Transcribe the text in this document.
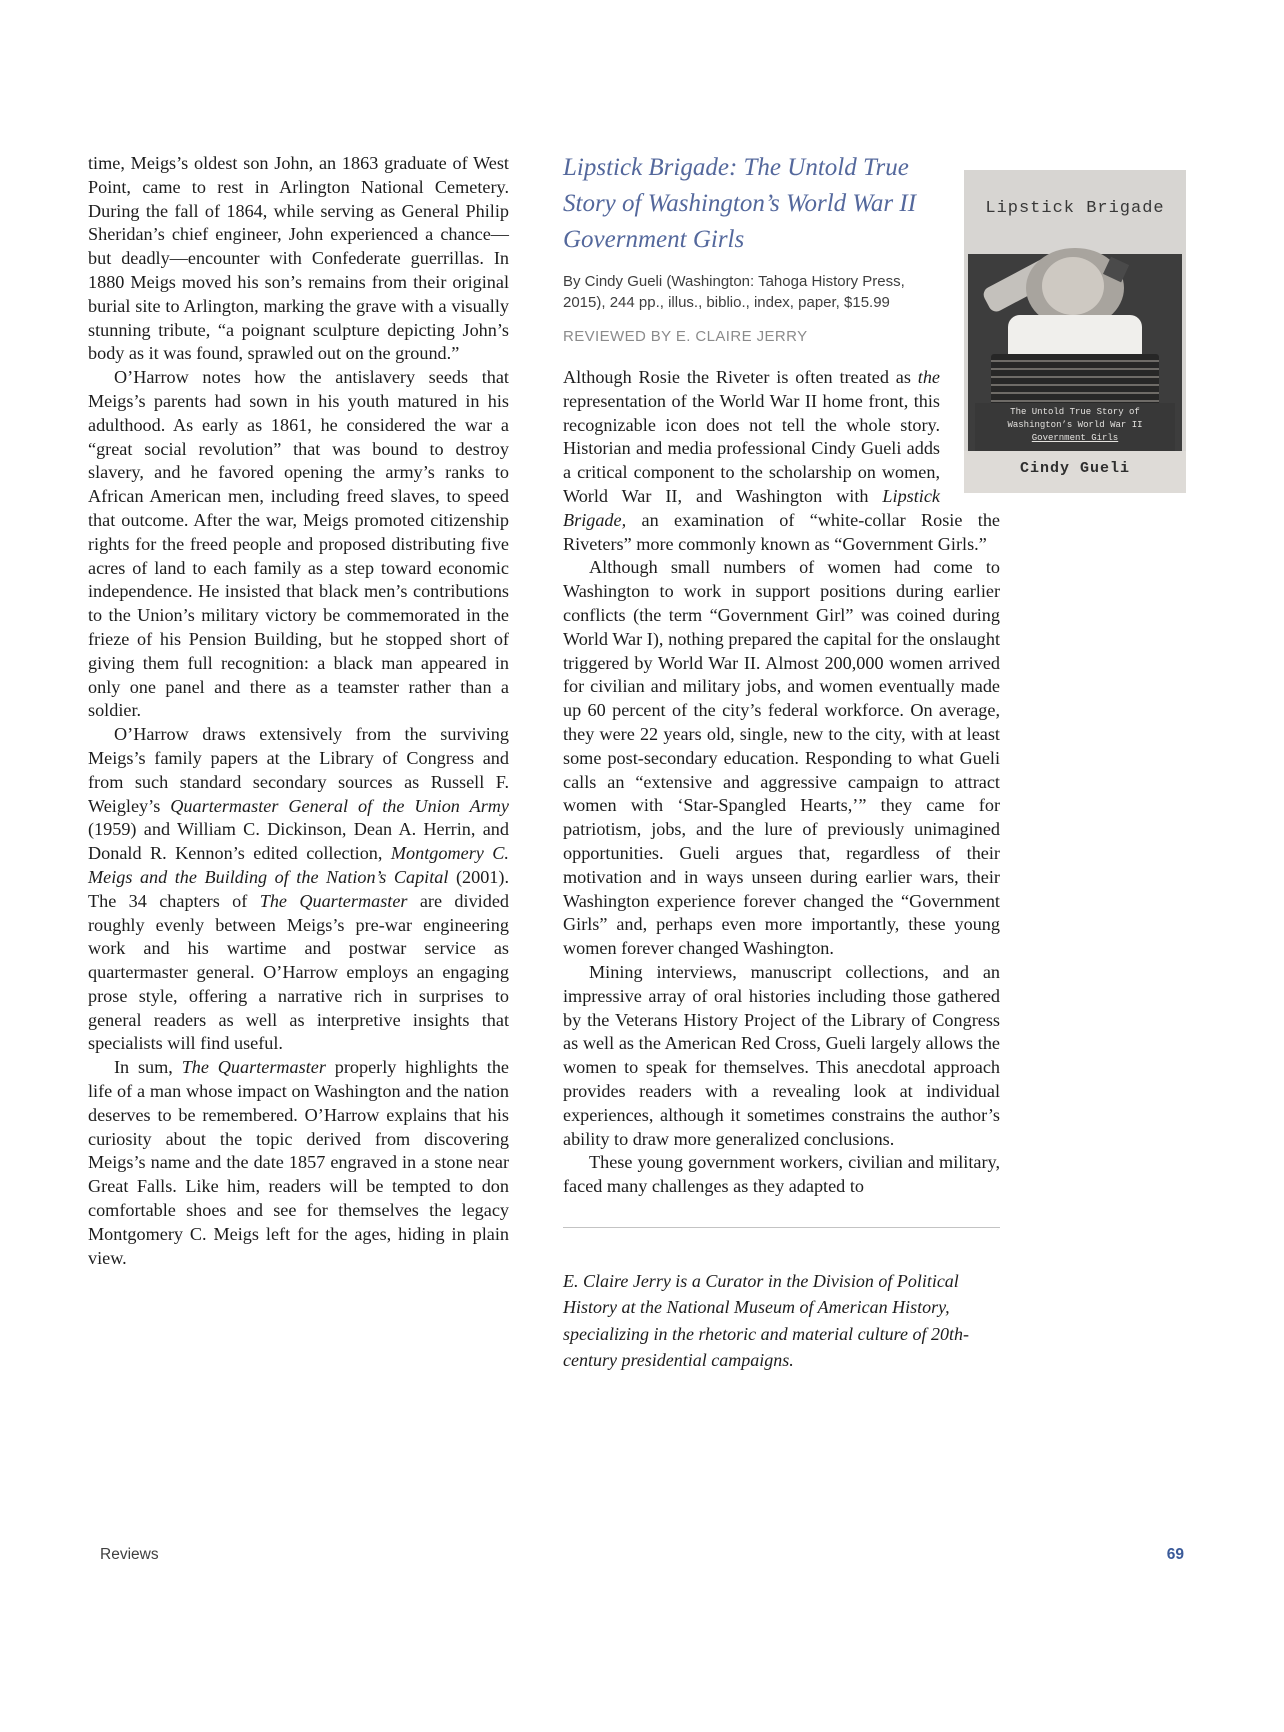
time, Meigs’s oldest son John, an 1863 graduate of West Point, came to rest in Arlington National Cemetery. During the fall of 1864, while serving as General Philip Sheridan’s chief engineer, John experienced a chance—but deadly—encounter with Confederate guerrillas. In 1880 Meigs moved his son’s remains from their original burial site to Arlington, marking the grave with a visually stunning tribute, “a poignant sculpture depicting John’s body as it was found, sprawled out on the ground.”

O’Harrow notes how the antislavery seeds that Meigs’s parents had sown in his youth matured in his adulthood. As early as 1861, he considered the war a “great social revolution” that was bound to destroy slavery, and he favored opening the army’s ranks to African American men, including freed slaves, to speed that outcome. After the war, Meigs promoted citizenship rights for the freed people and proposed distributing five acres of land to each family as a step toward economic independence. He insisted that black men’s contributions to the Union’s military victory be commemorated in the frieze of his Pension Building, but he stopped short of giving them full recognition: a black man appeared in only one panel and there as a teamster rather than a soldier.

O’Harrow draws extensively from the surviving Meigs’s family papers at the Library of Congress and from such standard secondary sources as Russell F. Weigley’s Quartermaster General of the Union Army (1959) and William C. Dickinson, Dean A. Herrin, and Donald R. Kennon’s edited collection, Montgomery C. Meigs and the Building of the Nation’s Capital (2001). The 34 chapters of The Quartermaster are divided roughly evenly between Meigs’s pre-war engineering work and his wartime and postwar service as quartermaster general. O’Harrow employs an engaging prose style, offering a narrative rich in surprises to general readers as well as interpretive insights that specialists will find useful.

In sum, The Quartermaster properly highlights the life of a man whose impact on Washington and the nation deserves to be remembered. O’Harrow explains that his curiosity about the topic derived from discovering Meigs’s name and the date 1857 engraved in a stone near Great Falls. Like him, readers will be tempted to don comfortable shoes and see for themselves the legacy Montgomery C. Meigs left for the ages, hiding in plain view.

Lipstick Brigade: The Untold True Story of Washington’s World War II Government Girls

By Cindy Gueli (Washington: Tahoga History Press, 2015), 244 pp., illus., biblio., index, paper, $15.99

REVIEWED BY E. CLAIRE JERRY

Although Rosie the Riveter is often treated as the representation of the World War II home front, this recognizable icon does not tell the whole story. Historian and media professional Cindy Gueli adds a critical component to the scholarship on women, World War II, and Washington with Lipstick Brigade, an examination of “white-collar Rosie the Riveters” more commonly known as “Government Girls.”

Although small numbers of women had come to Washington to work in support positions during earlier conflicts (the term “Government Girl” was coined during World War I), nothing prepared the capital for the onslaught triggered by World War II. Almost 200,000 women arrived for civilian and military jobs, and women eventually made up 60 percent of the city’s federal workforce. On average, they were 22 years old, single, new to the city, with at least some post-secondary education. Responding to what Gueli calls an “extensive and aggressive campaign to attract women with ‘Star-Spangled Hearts,’” they came for patriotism, jobs, and the lure of previously unimagined opportunities. Gueli argues that, regardless of their motivation and in ways unseen during earlier wars, their Washington experience forever changed the “Government Girls” and, perhaps even more importantly, these young women forever changed Washington.

Mining interviews, manuscript collections, and an impressive array of oral histories including those gathered by the Veterans History Project of the Library of Congress as well as the American Red Cross, Gueli largely allows the women to speak for themselves. This anecdotal approach provides readers with a revealing look at individual experiences, although it sometimes constrains the author’s ability to draw more generalized conclusions.

These young government workers, civilian and military, faced many challenges as they adapted to

E. Claire Jerry is a Curator in the Division of Political History at the National Museum of American History, specializing in the rhetoric and material culture of 20th-century presidential campaigns.

Lipstick Brigade
The Untold True Story of
Washington’s World War II
Government Girls
Cindy Gueli
Reviews	69
